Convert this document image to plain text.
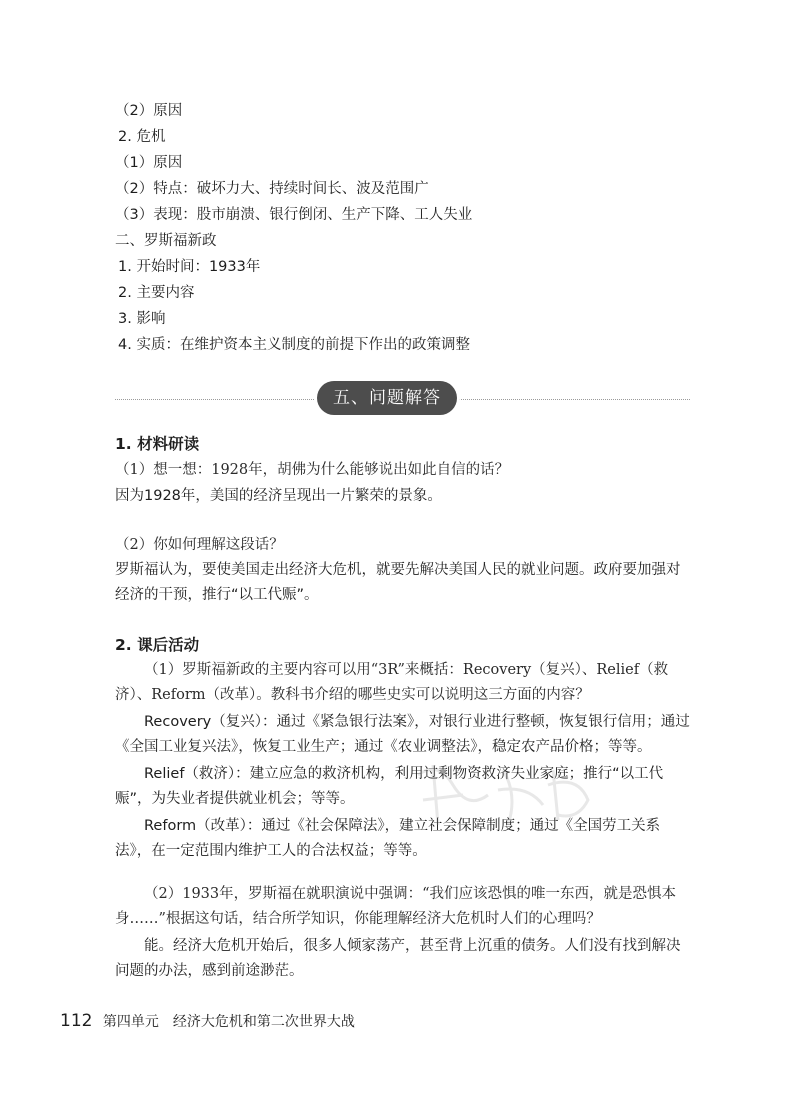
（2）原因
2. 危机
（1）原因
（2）特点：破坏力大、持续时间长、波及范围广
（3）表现：股市崩溃、银行倒闭、生产下降、工人失业
二、罗斯福新政
1. 开始时间：1933年
2. 主要内容
3. 影响
4. 实质：在维护资本主义制度的前提下作出的政策调整
五、问题解答
1. 材料研读
（1）想一想：1928年，胡佛为什么能够说出如此自信的话？
因为1928年，美国的经济呈现出一片繁荣的景象。
（2）你如何理解这段话？
罗斯福认为，要使美国走出经济大危机，就要先解决美国人民的就业问题。政府要加强对经济的干预，推行“以工代赈”。
2. 课后活动
（1）罗斯福新政的主要内容可以用“3R”来概括：Recovery（复兴）、Relief（救济）、Reform（改革）。教科书介绍的哪些史实可以说明这三方面的内容？
Recovery（复兴）：通过《紧急银行法案》，对银行业进行整顿，恢复银行信用；通过《全国工业复兴法》，恢复工业生产；通过《农业调整法》，稳定农产品价格；等等。
Relief（救济）：建立应急的救济机构，利用过剩物资救济失业家庭；推行“以工代赈”，为失业者提供就业机会；等等。
Reform（改革）：通过《社会保障法》，建立社会保障制度；通过《全国劳工关系法》，在一定范围内维护工人的合法权益；等等。
（2）1933年，罗斯福在就职演说中强调：“我们应该恐惧的唯一东西，就是恐惧本身……”根据这句话，结合所学知识，你能理解经济大危机时人们的心理吗？
能。经济大危机开始后，很多人倾家荡产，甚至背上沉重的债务。人们没有找到解决问题的办法，感到前途渺茫。
112 第四单元　经济大危机和第二次世界大战
